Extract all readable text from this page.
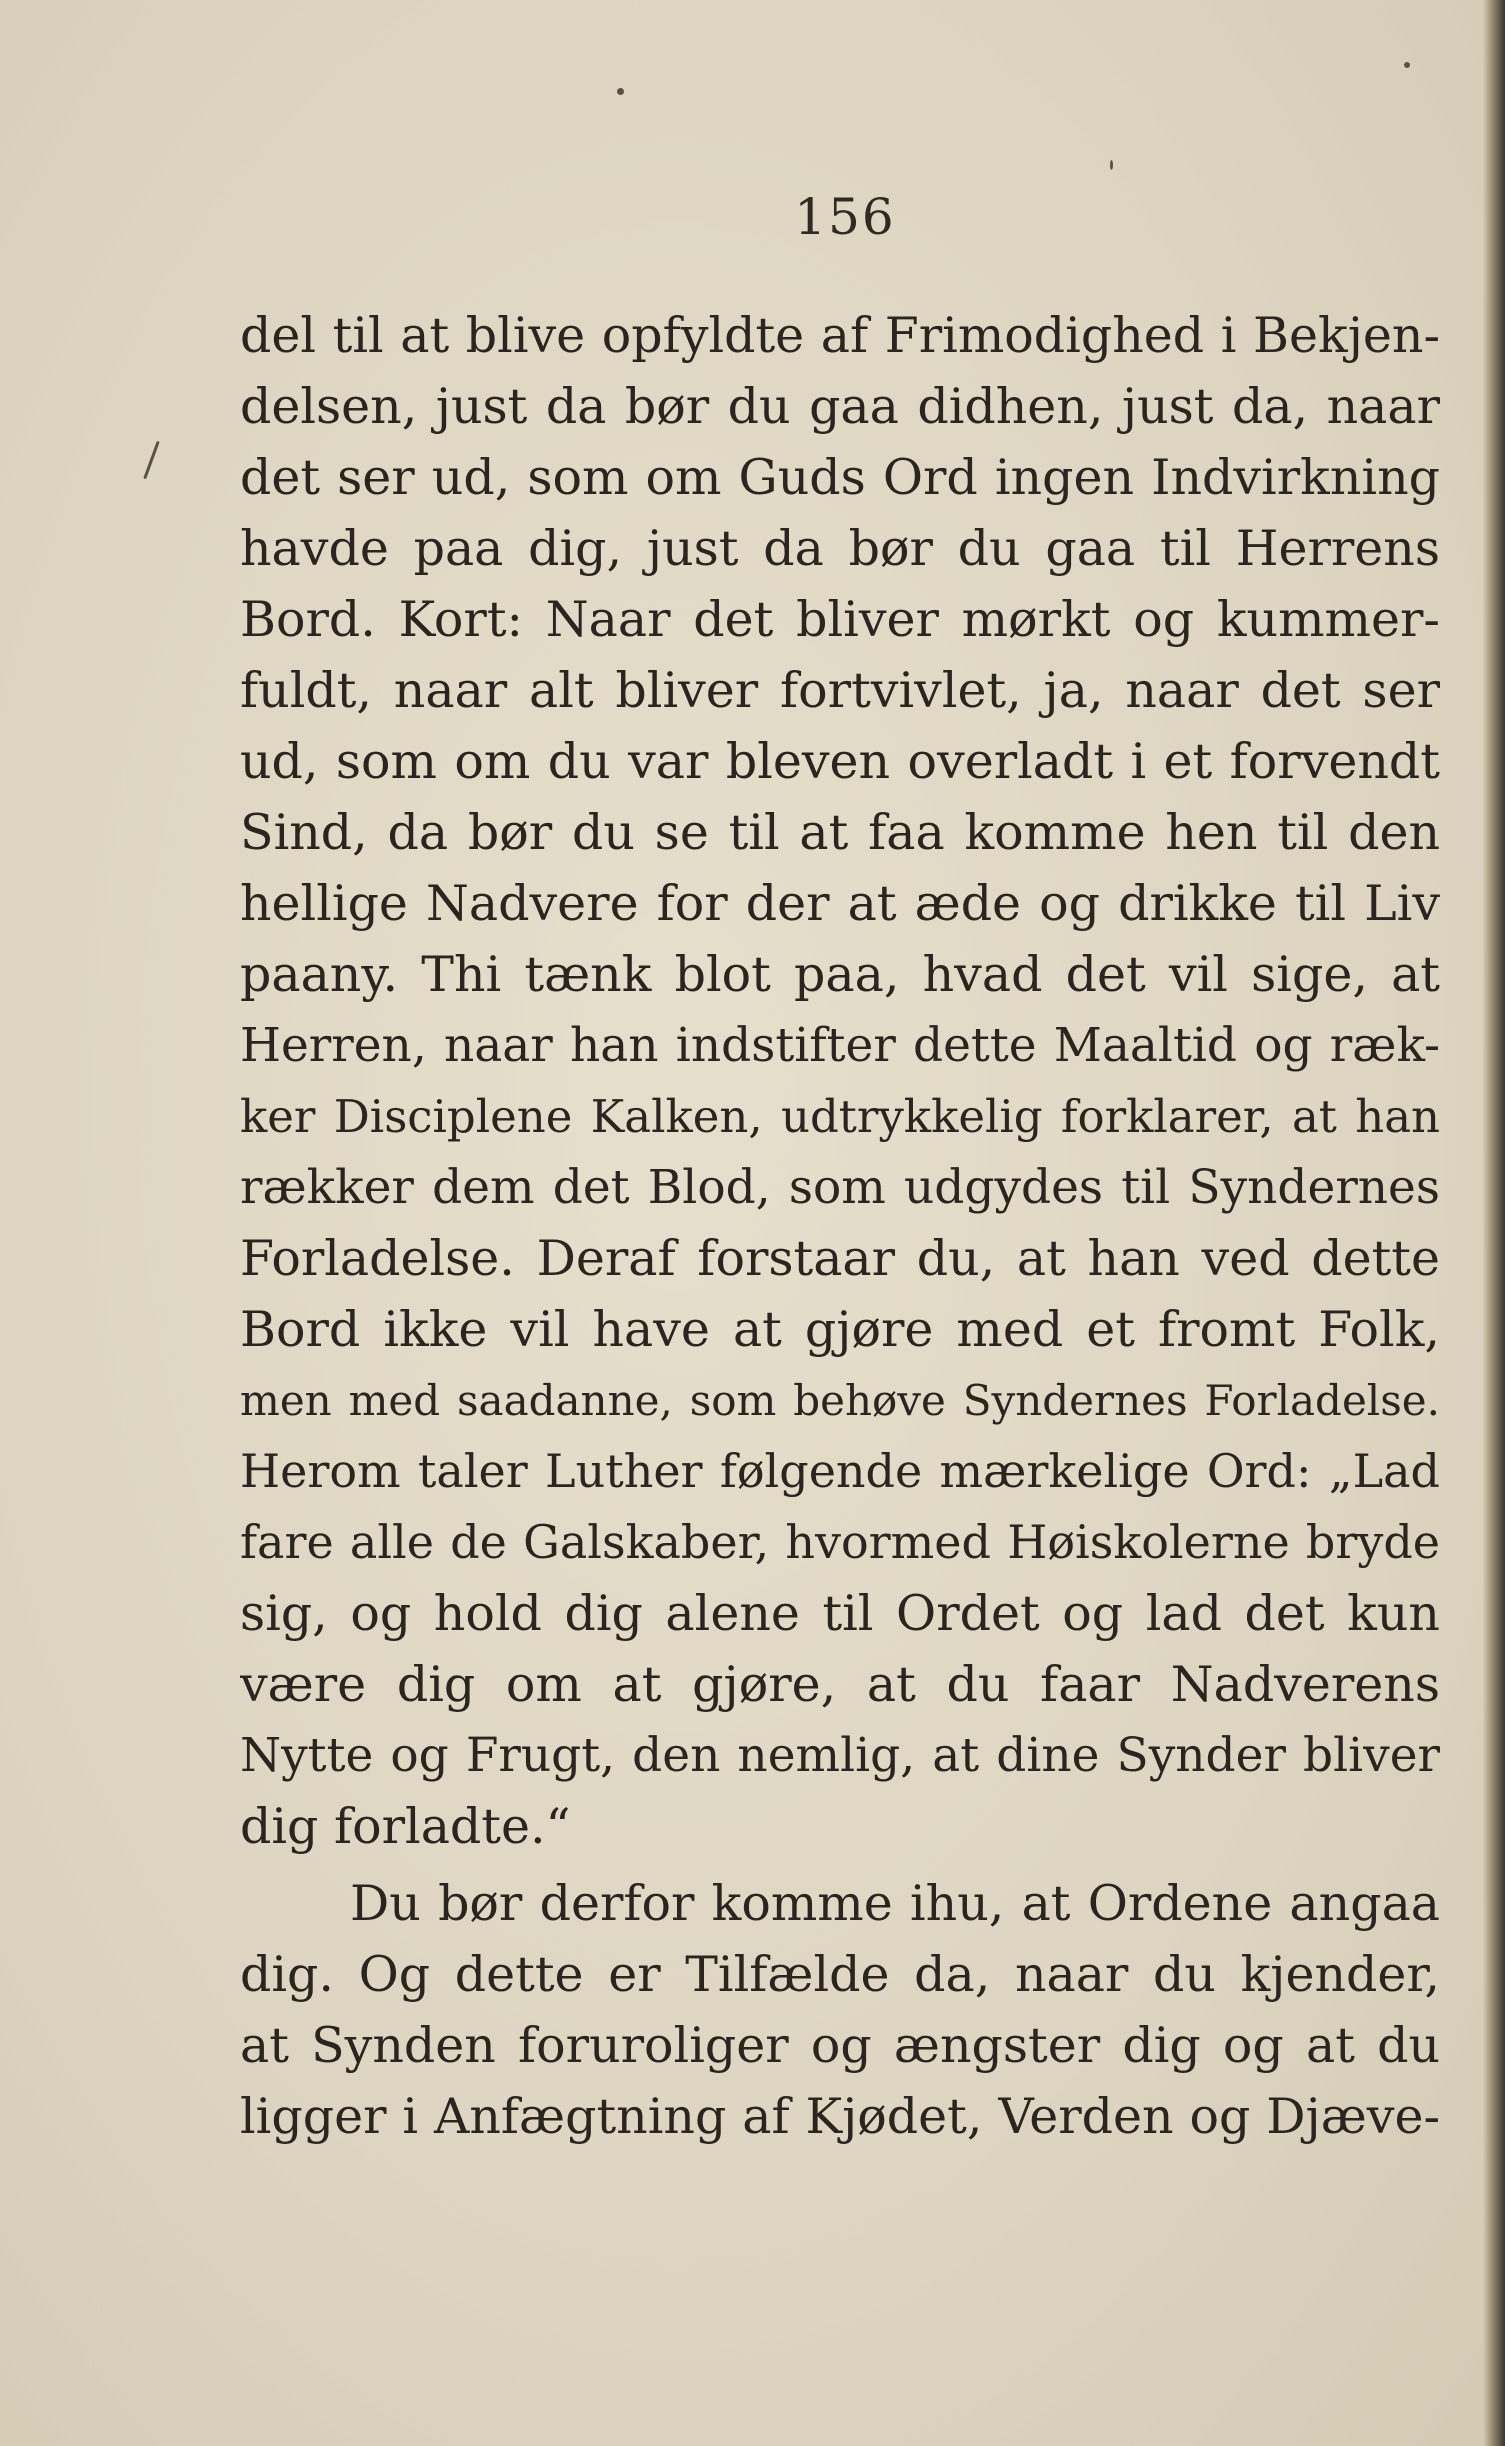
156
del til at blive opfyldte af Frimodighed i Bekjen-
delsen, just da bør du gaa didhen, just da, naar
det ser ud, som om Guds Ord ingen Indvirkning
havde paa dig, just da bør du gaa til Herrens
Bord. Kort: Naar det bliver mørkt og kummer-
fuldt, naar alt bliver fortvivlet, ja, naar det ser
ud, som om du var bleven overladt i et forvendt
Sind, da bør du se til at faa komme hen til den
hellige Nadvere for der at æde og drikke til Liv
paany. Thi tænk blot paa, hvad det vil sige, at
Herren, naar han indstifter dette Maaltid og ræk-
ker Disciplene Kalken, udtrykkelig forklarer, at han
rækker dem det Blod, som udgydes til Syndernes
Forladelse. Deraf forstaar du, at han ved dette
Bord ikke vil have at gjøre med et fromt Folk,
men med saadanne, som behøve Syndernes Forladelse.
Herom taler Luther følgende mærkelige Ord: „Lad
fare alle de Galskaber, hvormed Høiskolerne bryde
sig, og hold dig alene til Ordet og lad det kun
være dig om at gjøre, at du faar Nadverens
Nytte og Frugt, den nemlig, at dine Synder bliver
dig forladte.“
Du bør derfor komme ihu, at Ordene angaa
dig. Og dette er Tilfælde da, naar du kjender,
at Synden foruroliger og ængster dig og at du
ligger i Anfægtning af Kjødet, Verden og Djæve-
